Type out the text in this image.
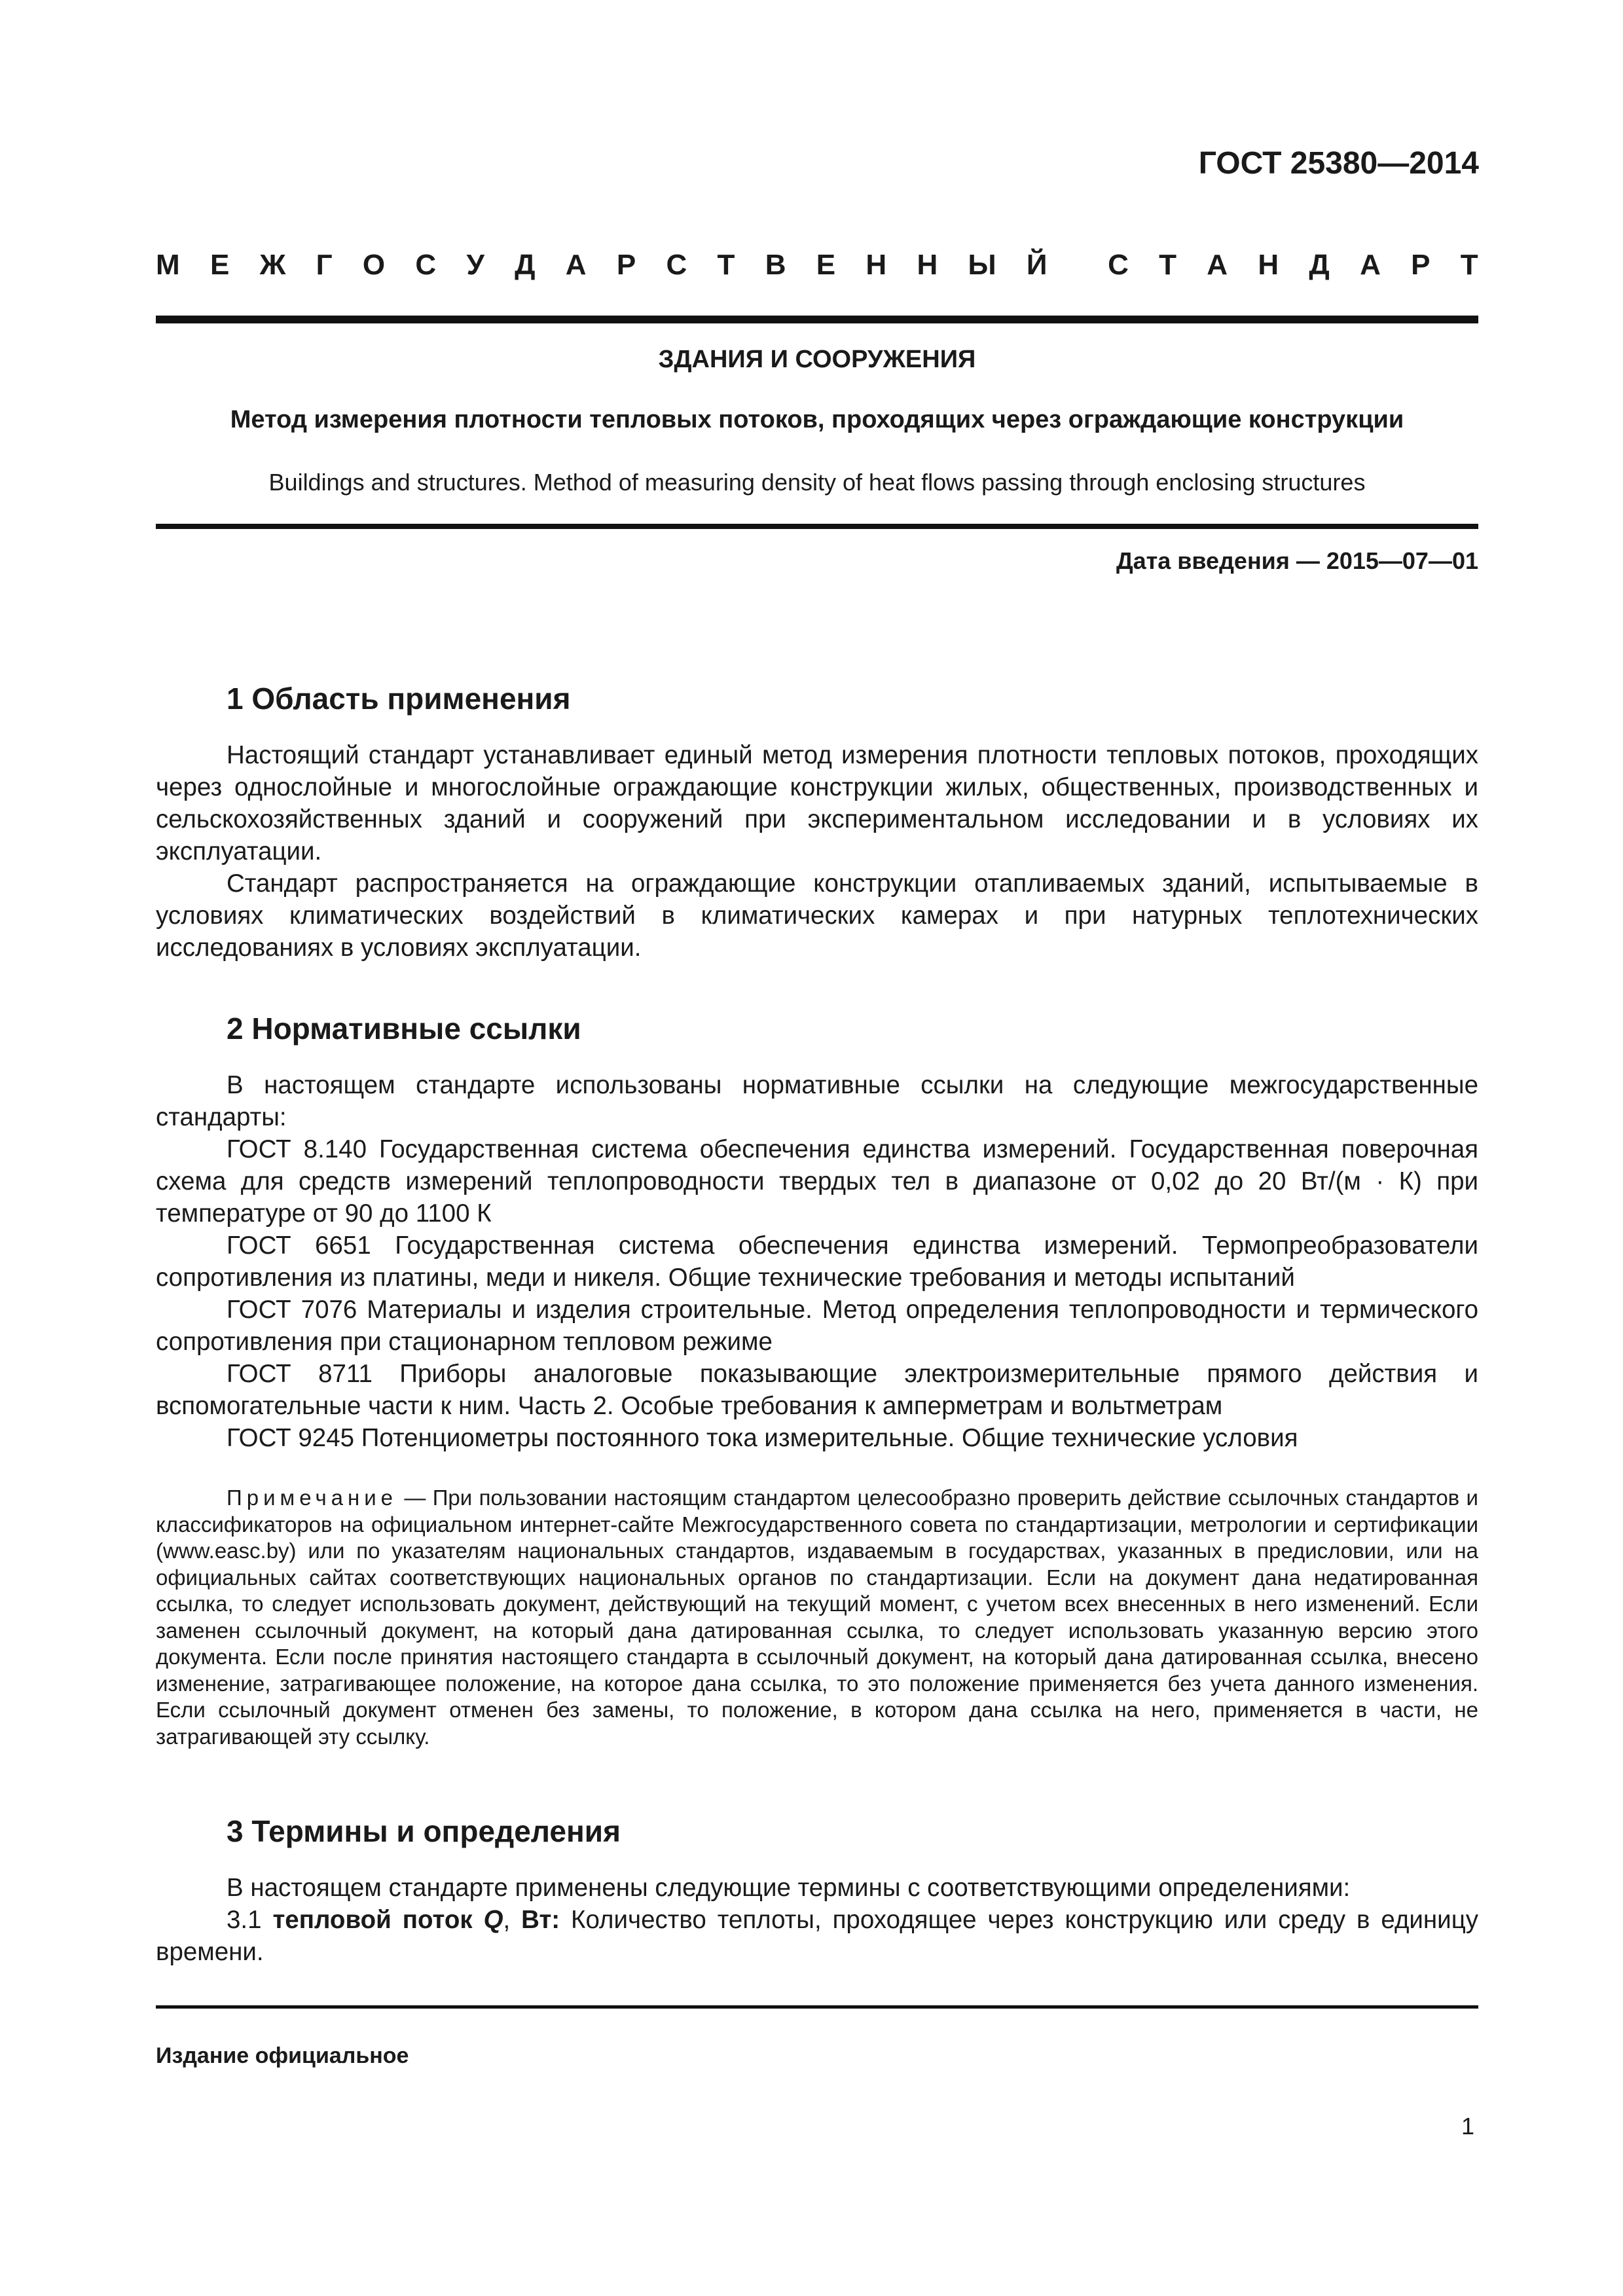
ГОСТ 25380—2014
М Е Ж Г О С У Д А Р С Т В Е Н Н Ы Й С Т А Н Д А Р Т
ЗДАНИЯ И СООРУЖЕНИЯ
Метод измерения плотности тепловых потоков, проходящих через ограждающие конструкции
Buildings and structures. Method of measuring density of heat flows passing through enclosing structures
Дата введения — 2015—07—01
1 Область применения

Настоящий стандарт устанавливает единый метод измерения плотности тепловых потоков, проходящих через однослойные и многослойные ограждающие конструкции жилых, общественных, производственных и сельскохозяйственных зданий и сооружений при экспериментальном исследовании и в условиях их эксплуатации.

Стандарт распространяется на ограждающие конструкции отапливаемых зданий, испытываемые в условиях климатических воздействий в климатических камерах и при натурных теплотехнических исследованиях в условиях эксплуатации.

2 Нормативные ссылки

В настоящем стандарте использованы нормативные ссылки на следующие межгосударственные стандарты:

ГОСТ 8.140 Государственная система обеспечения единства измерений. Государственная поверочная схема для средств измерений теплопроводности твердых тел в диапазоне от 0,02 до 20 Вт/(м · К) при температуре от 90 до 1100 К

ГОСТ 6651 Государственная система обеспечения единства измерений. Термопреобразователи сопротивления из платины, меди и никеля. Общие технические требования и методы испытаний

ГОСТ 7076 Материалы и изделия строительные. Метод определения теплопроводности и термического сопротивления при стационарном тепловом режиме

ГОСТ 8711 Приборы аналоговые показывающие электроизмерительные прямого действия и вспомогательные части к ним. Часть 2. Особые требования к амперметрам и вольтметрам

ГОСТ 9245 Потенциометры постоянного тока измерительные. Общие технические условия

Примечание — При пользовании настоящим стандартом целесообразно проверить действие ссылочных стандартов и классификаторов на официальном интернет-сайте Межгосударственного совета по стандартизации, метрологии и сертификации (www.easc.by) или по указателям национальных стандартов, издаваемым в государствах, указанных в предисловии, или на официальных сайтах соответствующих национальных органов по стандартизации. Если на документ дана недатированная ссылка, то следует использовать документ, действующий на текущий момент, с учетом всех внесенных в него изменений. Если заменен ссылочный документ, на который дана датированная ссылка, то следует использовать указанную версию этого документа. Если после принятия настоящего стандарта в ссылочный документ, на который дана датированная ссылка, внесено изменение, затрагивающее положение, на которое дана ссылка, то это положение применяется без учета данного изменения. Если ссылочный документ отменен без замены, то положение, в котором дана ссылка на него, применяется в части, не затрагивающей эту ссылку.

3 Термины и определения

В настоящем стандарте применены следующие термины с соответствующими определениями:

3.1 тепловой поток Q, Вт: Количество теплоты, проходящее через конструкцию или среду в единицу времени.

Издание официальное
1
